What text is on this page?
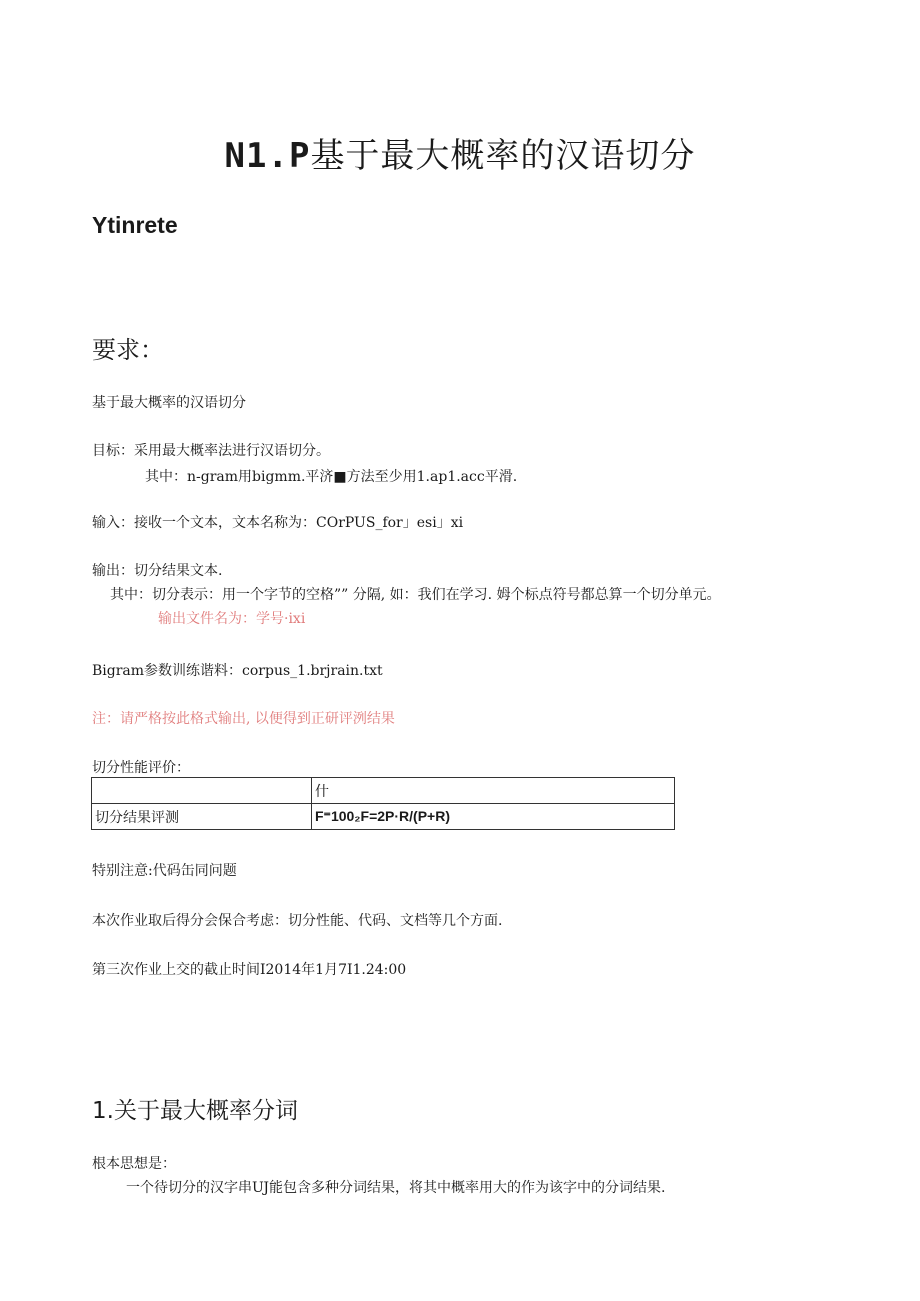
N1.P基于最大概率的汉语切分
Ytinrete
要求：
基于最大概率的汉语切分
目标：采用最大概率法进行汉语切分。
其中：n-gram用bigmm.平济■方法至少用1.ap1.acc平滑.
输入：接收一个文本，文本名称为：COrPUS_for」esi」xi
输出：切分结果文本.
其中：切分表示：用一个字节的空格”” 分隔, 如：我们在学习. 姆个标点符号都总算一个切分单元。
输出文件名为：学号·ixi
Bigram参数训练谐料：corpus_1.brjrain.txt
注：请严格按此格式输出, 以便得到正研评洌结果
切分性能评价：
	什
切分结果评测	F⁼100₂F=2P·R/(P+R)
特别注意:代码缶同问题
本次作业取后得分会保合考虑：切分性能、代码、文档等几个方面.
第三次作业上交的截止时间I2014年1月7I1.24:00
1.关于最大概率分词
根本思想是：
一个待切分的汉字串UJ能包含多种分词结果，将其中概率用大的作为该字中的分词结果.
